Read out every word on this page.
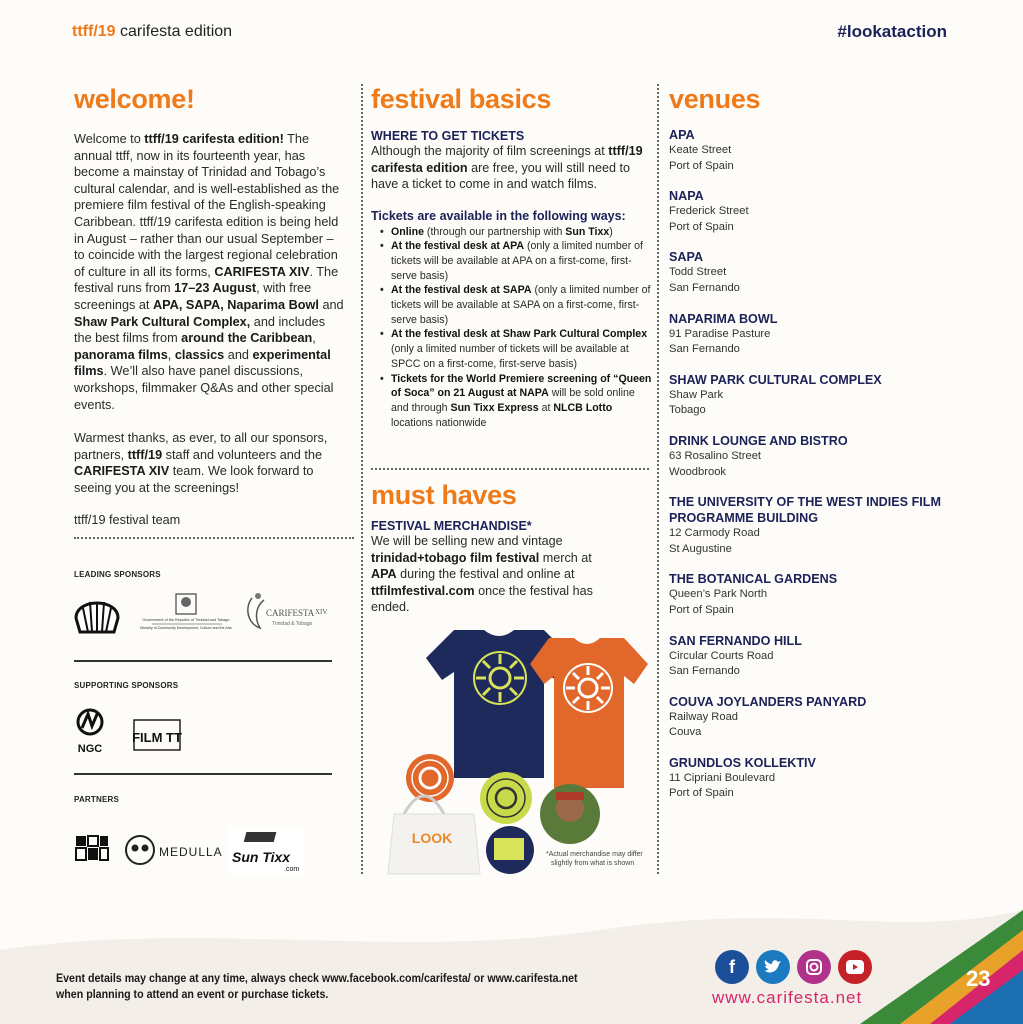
ttff/19 carifesta edition	#lookataction
welcome!

Welcome to ttff/19 carifesta edition! The annual ttff, now in its fourteenth year, has become a mainstay of Trinidad and Tobago’s cultural calendar, and is well-established as the premiere film festival of the English-speaking Caribbean. ttff/19 carifesta edition is being held in August – rather than our usual September – to coincide with the largest regional celebration of culture in all its forms, CARIFESTA XIV. The festival runs from 17–23 August, with free screenings at APA, SAPA, Naparima Bowl and Shaw Park Cultural Complex, and includes the best films from around the Caribbean, panorama films, classics and experimental films. We’ll also have panel discussions, workshops, filmmaker Q&As and other special events.

Warmest thanks, as ever, to all our sponsors, partners, ttff/19 staff and volunteers and the CARIFESTA XIV team. We look forward to seeing you at the screenings!

ttff/19 festival team

LEADING SPONSORS
Government of the Republic of Trinidad and Tobago
Ministry of Community Development, Culture and the Arts
CARIFESTA XIV
Trinidad & Tobago
SUPPORTING SPONSORS
NGC
FILM TT
PARTNERS
MEDULLA Sun Tixx
.com
festival basics
WHERE TO GET TICKETS
Although the majority of film screenings at ttff/19 carifesta edition are free, you will still need to have a ticket to come in and watch films.
Tickets are available in the following ways:
• Online (through our partnership with Sun Tixx)
• At the festival desk at APA (only a limited number of tickets will be available at APA on a first-come, first-serve basis)
• At the festival desk at SAPA (only a limited number of tickets will be available at SAPA on a first-come, first-serve basis)
• At the festival desk at Shaw Park Cultural Complex (only a limited number of tickets will be available at SPCC on a first-come, first-serve basis)
• Tickets for the World Premiere screening of “Queen of Soca” on 21 August at NAPA will be sold online and through Sun Tixx Express at NLCB Lotto locations nationwide
must haves
FESTIVAL MERCHANDISE*
We will be selling new and vintage trinidad+tobago film festival merch at APA during the festival and online at ttfilmfestival.com once the festival has ended.
LOOK
*Actual merchandise may differ
slightly from what is shown
venues
APA
Keate Street
Port of Spain
NAPA
Frederick Street
Port of Spain
SAPA
Todd Street
San Fernando
NAPARIMA BOWL
91 Paradise Pasture
San Fernando
SHAW PARK CULTURAL COMPLEX
Shaw Park
Tobago
DRINK LOUNGE AND BISTRO
63 Rosalino Street
Woodbrook
THE UNIVERSITY OF THE WEST INDIES FILM PROGRAMME BUILDING
12 Carmody Road
St Augustine
THE BOTANICAL GARDENS
Queen’s Park North
Port of Spain
SAN FERNANDO HILL
Circular Courts Road
San Fernando
COUVA JOYLANDERS PANYARD
Railway Road
Couva
GRUNDLOS KOLLEKTIV
11 Cipriani Boulevard
Port of Spain
Event details may change at any time, always check www.facebook.com/carifesta/ or www.carifesta.net when planning to attend an event or purchase tickets.
f
www.carifesta.net
23
